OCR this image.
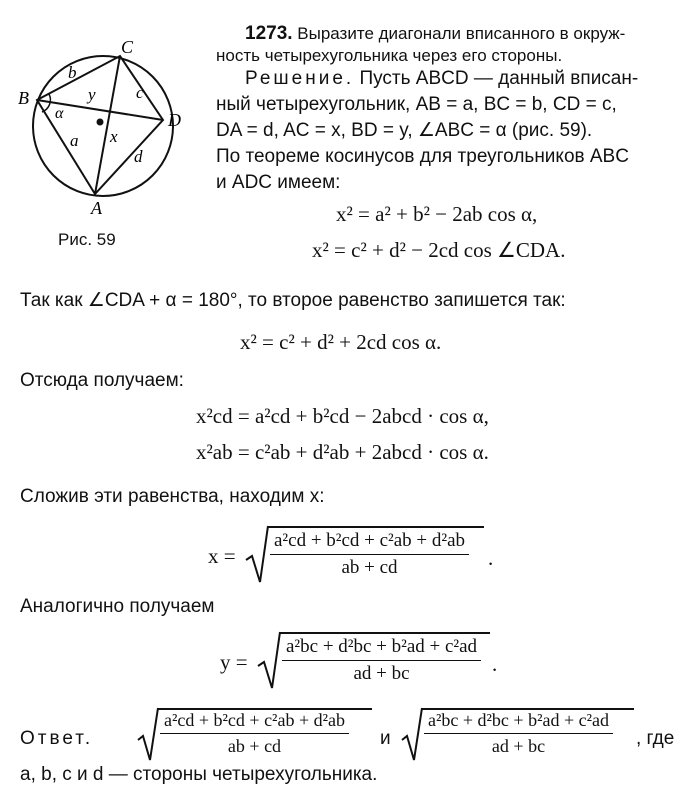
B
C
D
A
b
c
d
a
y
x
α
Рис. 59
1273. Выразите диагонали вписанного в окруж-
ность четырехугольника через его стороны.
Решение. Пусть ABCD — данный вписан-
ный четырехугольник, AB = a, BC = b, CD = c,
DA = d, AC = x, BD = y, ∠ABC = α (рис. 59).
По теореме косинусов для треугольников ABC
и ADC имеем:
x² = a² + b² − 2ab cos α,
x² = c² + d² − 2cd cos ∠CDA.
Так как ∠CDA + α = 180°, то второе равенство запишется так:
x² = c² + d² + 2cd cos α.
Отсюда получаем:
x²cd = a²cd + b²cd − 2abcd · cos α,
x²ab = c²ab + d²ab + 2abcd · cos α.
Сложив эти равенства, находим x:
$x = \frac{\text{a²cd + b²cd + c²ab + d²ab}}{ab + cd}$ .
Аналогично получаем
$y = \frac{\text{a²bc + d²bc + b²ad + c²ad}}{ad + bc}$ .
Ответ.	$\frac{\text{a²cd + b²cd + c²ab + d²ab}}{ab + cd}$ и $\frac{\text{a²bc + d²bc + b²ad + c²ad}}{ad + bc}$ , где
a, b, c и d — стороны четырехугольника.
